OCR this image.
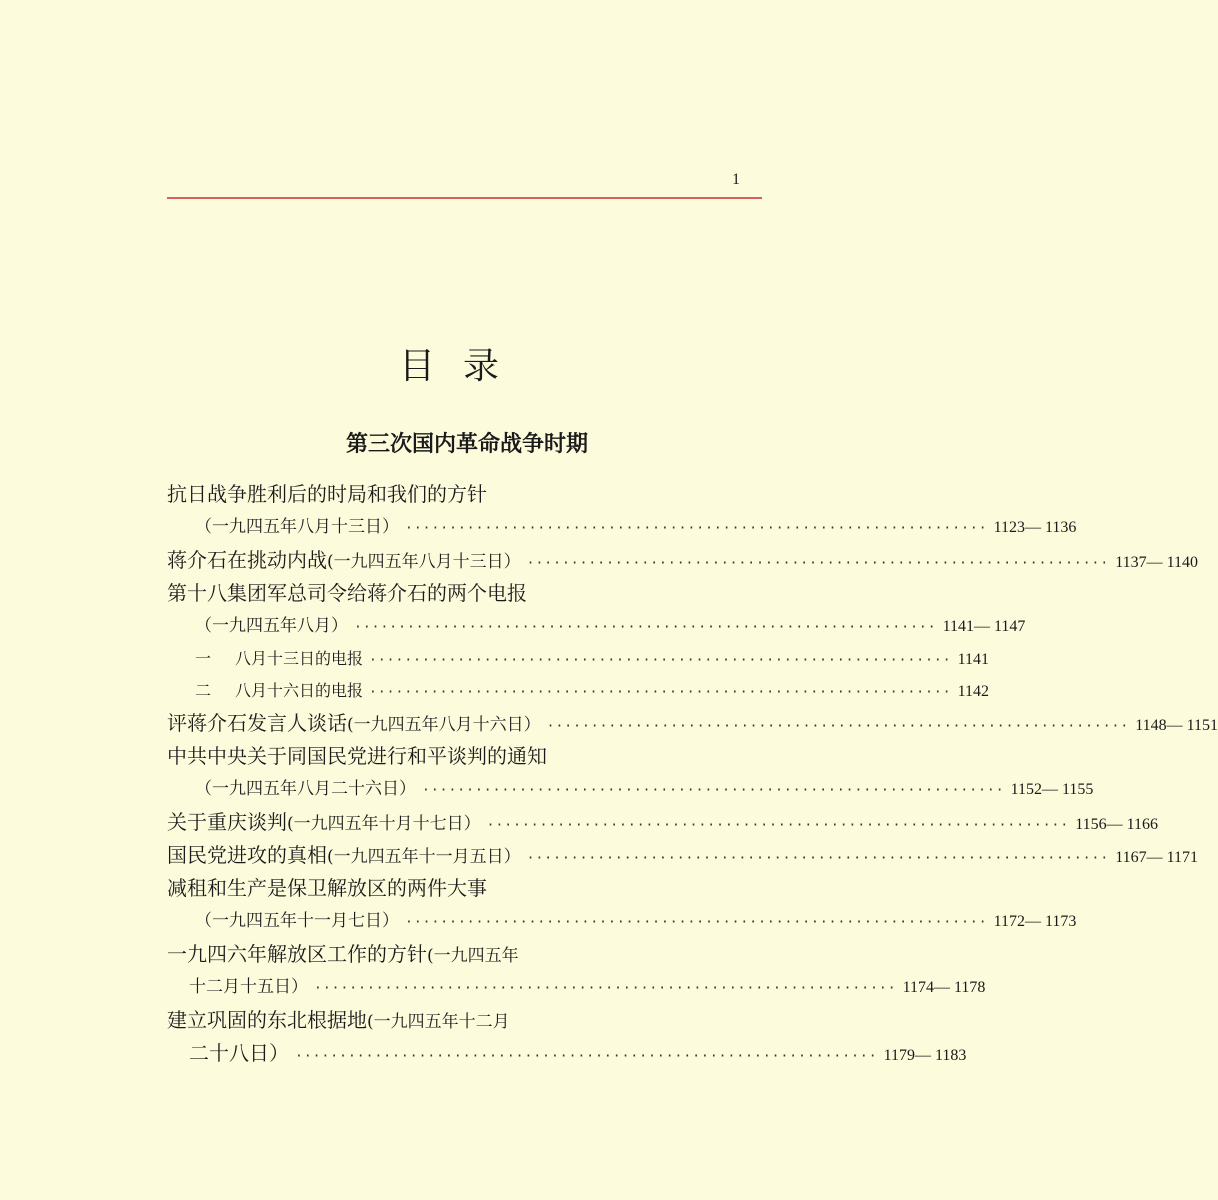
1
目录
第三次国内革命战争时期
抗日战争胜利后的时局和我们的方针
（一九四五年八月十三日） ·································································· 1123— 1136
蒋介石在挑动内战 (一九四五年八月十三日） ·································································· 1137— 1140
第十八集团军总司令给蒋介石的两个电报
（一九四五年八月） ·································································· 1141— 1147
一	八月十三日的电报 ·································································· 1141
二	八月十六日的电报 ·································································· 1142
评蒋介石发言人谈话 (一九四五年八月十六日） ·································································· 1148— 1151
中共中央关于同国民党进行和平谈判的通知
（一九四五年八月二十六日） ·································································· 1152— 1155
关于重庆谈判 (一九四五年十月十七日） ·································································· 1156— 1166
国民党进攻的真相 (一九四五年十一月五日） ·································································· 1167— 1171
减租和生产是保卫解放区的两件大事
（一九四五年十一月七日） ·································································· 1172— 1173
一九四六年解放区工作的方针 (一九四五年
十二月十五日） ·································································· 1174— 1178
建立巩固的东北根据地 (一九四五年十二月
二十八日） ·································································· 1179— 1183
